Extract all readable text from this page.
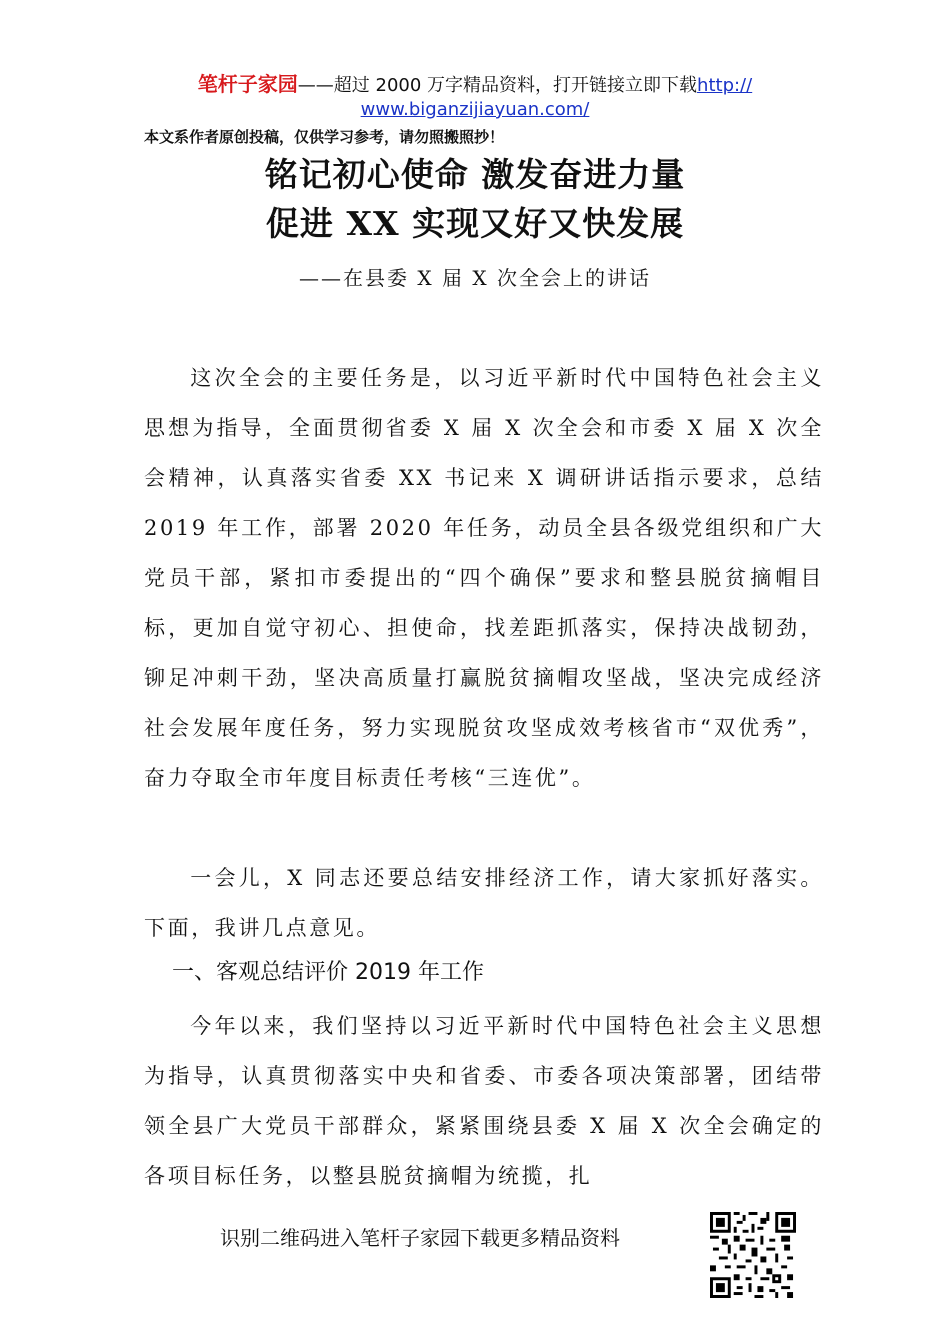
笔杆子家园——超过 2000 万字精品资料，打开链接立即下载http://
www.biganzijiayuan.com/
本文系作者原创投稿，仅供学习参考，请勿照搬照抄！
铭记初心使命 激发奋进力量
促进 XX 实现又好又快发展
——在县委 X 届 X 次全会上的讲话
这次全会的主要任务是，以习近平新时代中国特色社会主义思想为指导，全面贯彻省委 X 届 X 次全会和市委 X 届 X 次全会精神，认真落实省委 XX 书记来 X 调研讲话指示要求，总结 2019 年工作，部署 2020 年任务，动员全县各级党组织和广大党员干部，紧扣市委提出的“四个确保”要求和整县脱贫摘帽目标，更加自觉守初心、担使命，找差距抓落实，保持决战韧劲，铆足冲刺干劲，坚决高质量打赢脱贫摘帽攻坚战，坚决完成经济社会发展年度任务，努力实现脱贫攻坚成效考核省市“双优秀”，奋力夺取全市年度目标责任考核“三连优”。
一会儿，X 同志还要总结安排经济工作，请大家抓好落实。下面，我讲几点意见。
一、客观总结评价 2019 年工作
今年以来，我们坚持以习近平新时代中国特色社会主义思想为指导，认真贯彻落实中央和省委、市委各项决策部署，团结带领全县广大党员干部群众，紧紧围绕县委 X 届 X 次全会确定的各项目标任务，以整县脱贫摘帽为统揽，扎
识别二维码进入笔杆子家园下载更多精品资料
